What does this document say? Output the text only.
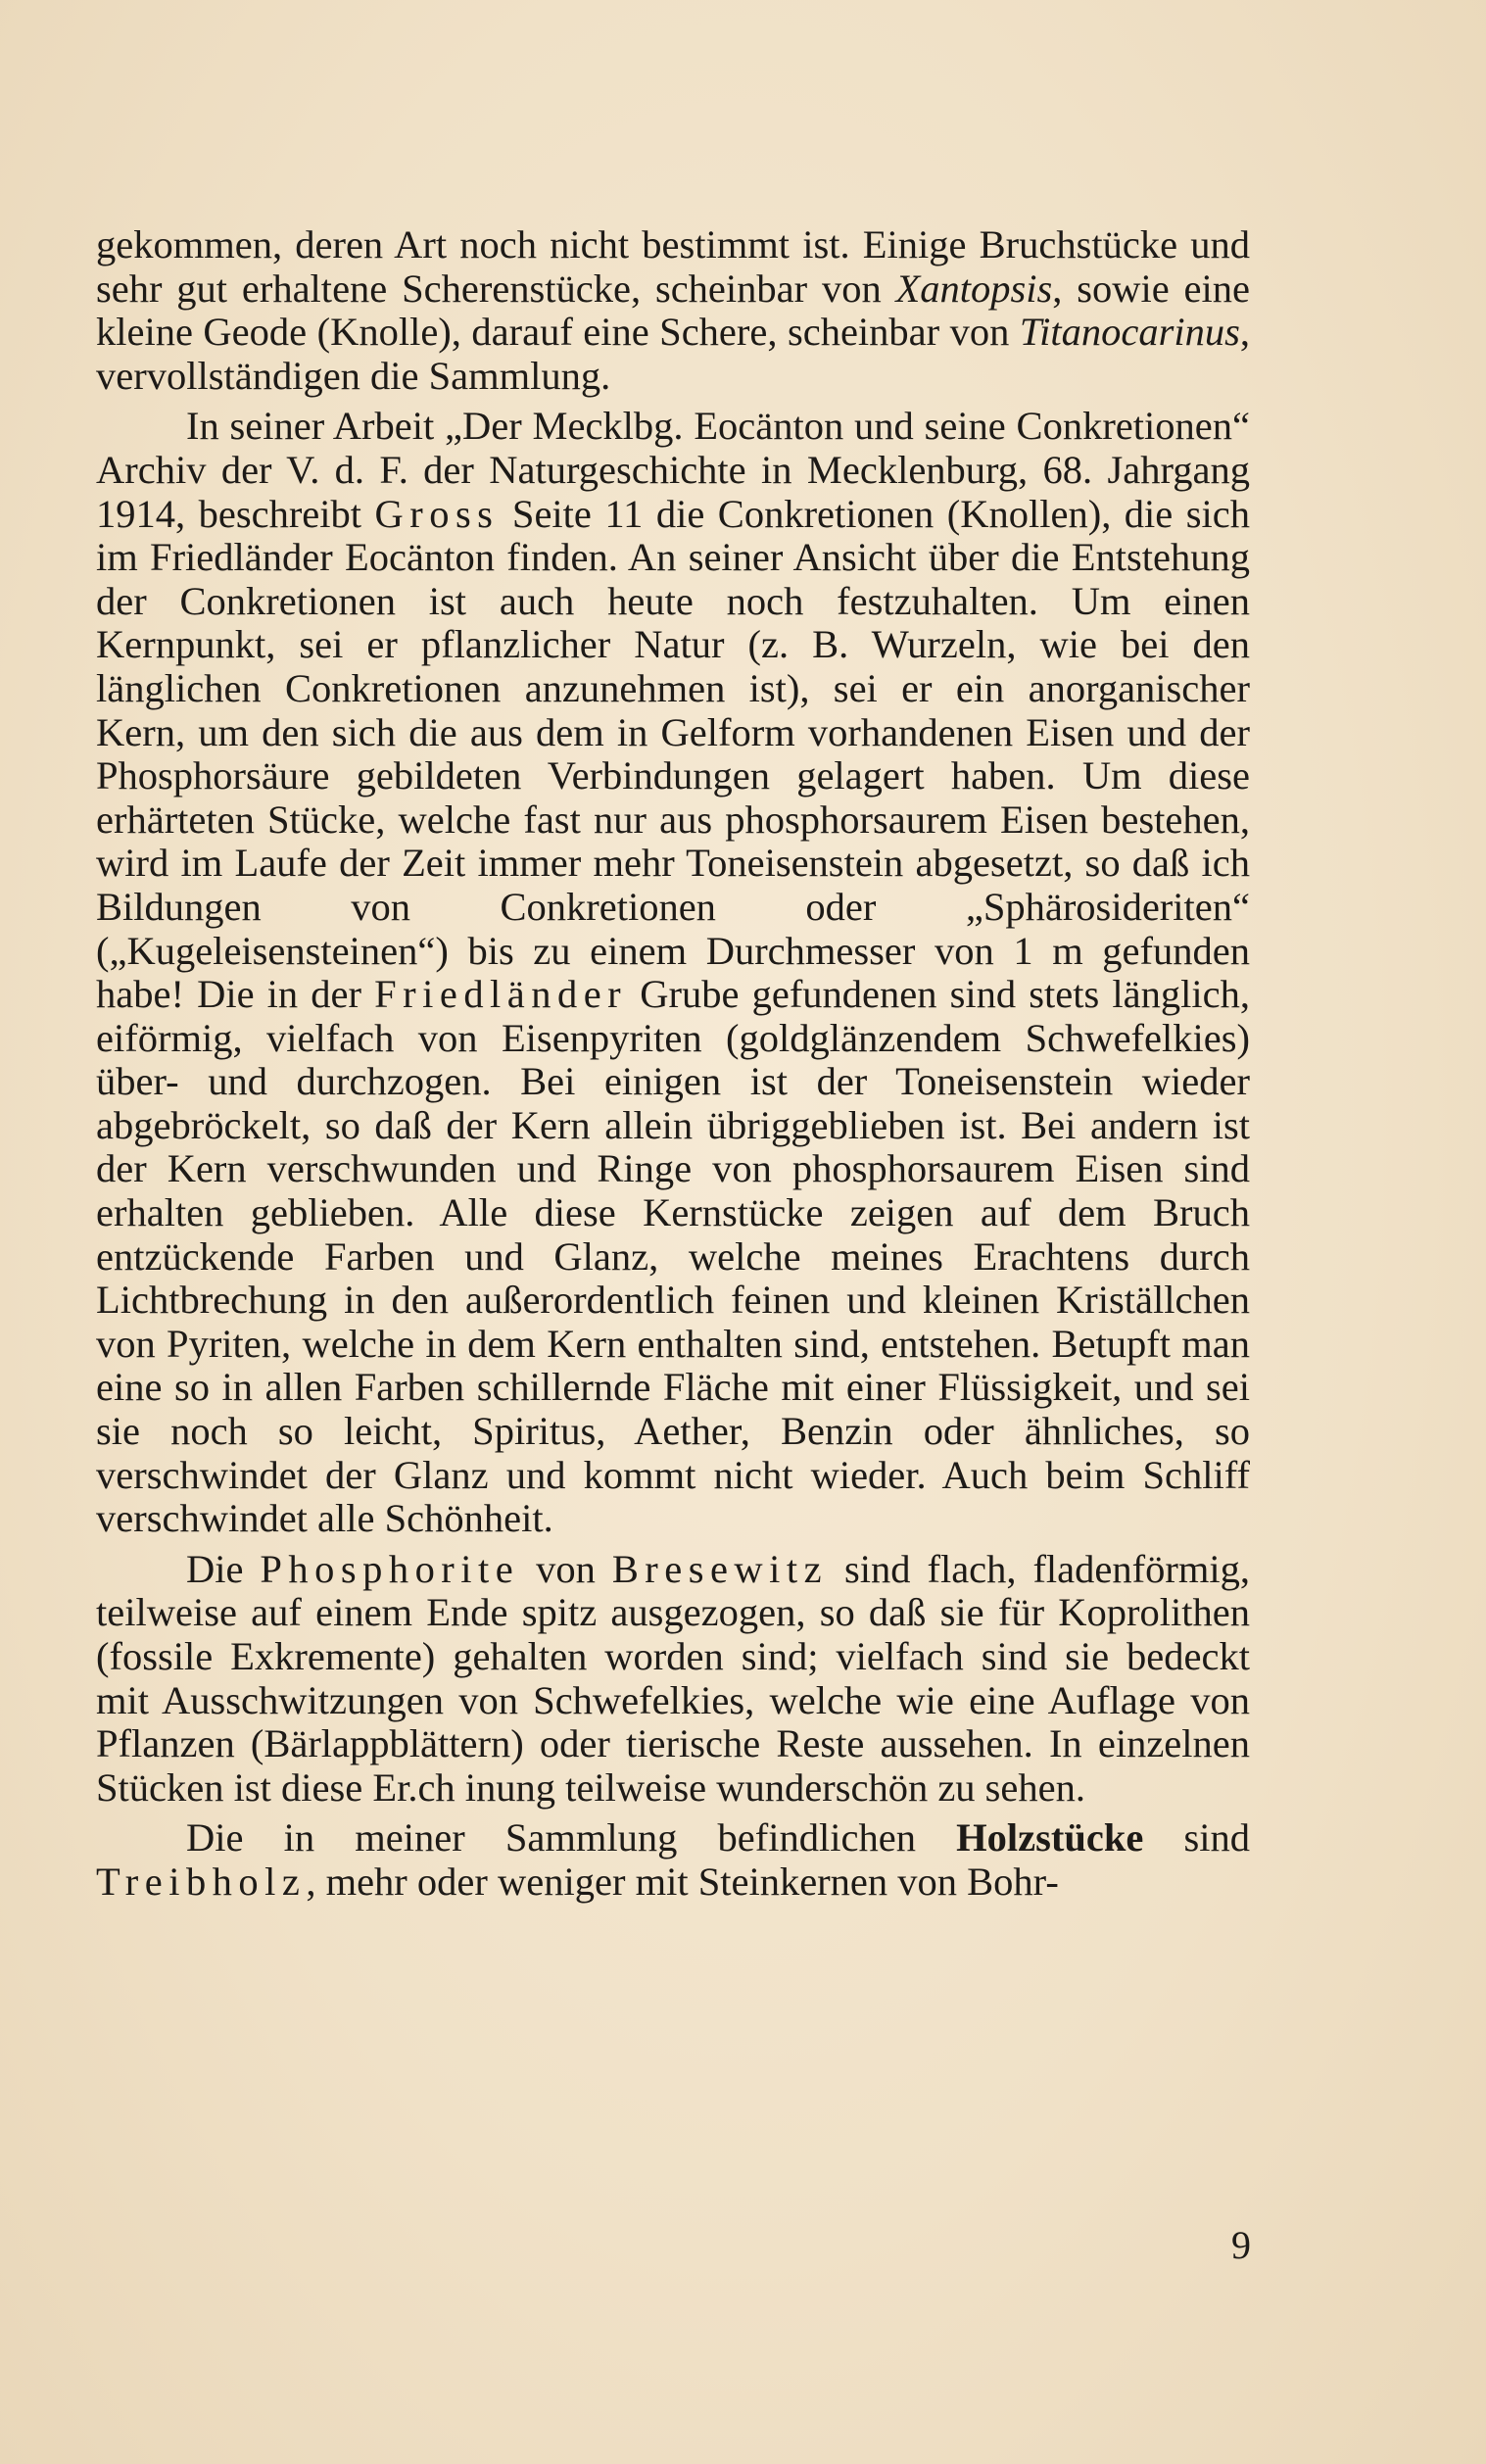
gekommen, deren Art noch nicht bestimmt ist. Einige Bruchstücke und sehr gut erhaltene Scherenstücke, scheinbar von Xantopsis, sowie eine kleine Geode (Knolle), darauf eine Schere, scheinbar von Titanocarinus, vervollständigen die Sammlung.

In seiner Arbeit „Der Mecklbg. Eocänton und seine Conkretionen“ Archiv der V. d. F. der Naturgeschichte in Mecklenburg, 68. Jahrgang 1914, beschreibt Gross Seite 11 die Conkretionen (Knollen), die sich im Friedländer Eocänton finden. An seiner Ansicht über die Entstehung der Conkretionen ist auch heute noch festzuhalten. Um einen Kernpunkt, sei er pflanzlicher Natur (z. B. Wurzeln, wie bei den länglichen Conkretionen anzunehmen ist), sei er ein anorganischer Kern, um den sich die aus dem in Gelform vorhandenen Eisen und der Phosphorsäure gebildeten Verbindungen gelagert haben. Um diese erhärteten Stücke, welche fast nur aus phosphorsaurem Eisen bestehen, wird im Laufe der Zeit immer mehr Toneisenstein abgesetzt, so daß ich Bildungen von Conkretionen oder „Sphärosideriten“ („Kugeleisensteinen“) bis zu einem Durchmesser von 1 m gefunden habe! Die in der Friedländer Grube gefundenen sind stets länglich, eiförmig, vielfach von Eisenpyriten (goldglänzendem Schwefelkies) über- und durchzogen. Bei einigen ist der Toneisenstein wieder abgebröckelt, so daß der Kern allein übriggeblieben ist. Bei andern ist der Kern verschwunden und Ringe von phosphorsaurem Eisen sind erhalten geblieben. Alle diese Kernstücke zeigen auf dem Bruch entzückende Farben und Glanz, welche meines Erachtens durch Lichtbrechung in den außerordentlich feinen und kleinen Kriställchen von Pyriten, welche in dem Kern enthalten sind, entstehen. Betupft man eine so in allen Farben schillernde Fläche mit einer Flüssigkeit, und sei sie noch so leicht, Spiritus, Aether, Benzin oder ähnliches, so verschwindet der Glanz und kommt nicht wieder. Auch beim Schliff verschwindet alle Schönheit.

Die Phosphorite von Bresewitz sind flach, fladenförmig, teilweise auf einem Ende spitz ausgezogen, so daß sie für Koprolithen (fossile Exkremente) gehalten worden sind; vielfach sind sie bedeckt mit Ausschwitzungen von Schwefelkies, welche wie eine Auflage von Pflanzen (Bärlappblättern) oder tierische Reste aussehen. In einzelnen Stücken ist diese Er.ch inung teilweise wunderschön zu sehen.

Die in meiner Sammlung befindlichen Holzstücke sind Treibholz, mehr oder weniger mit Steinkernen von Bohr-

9
